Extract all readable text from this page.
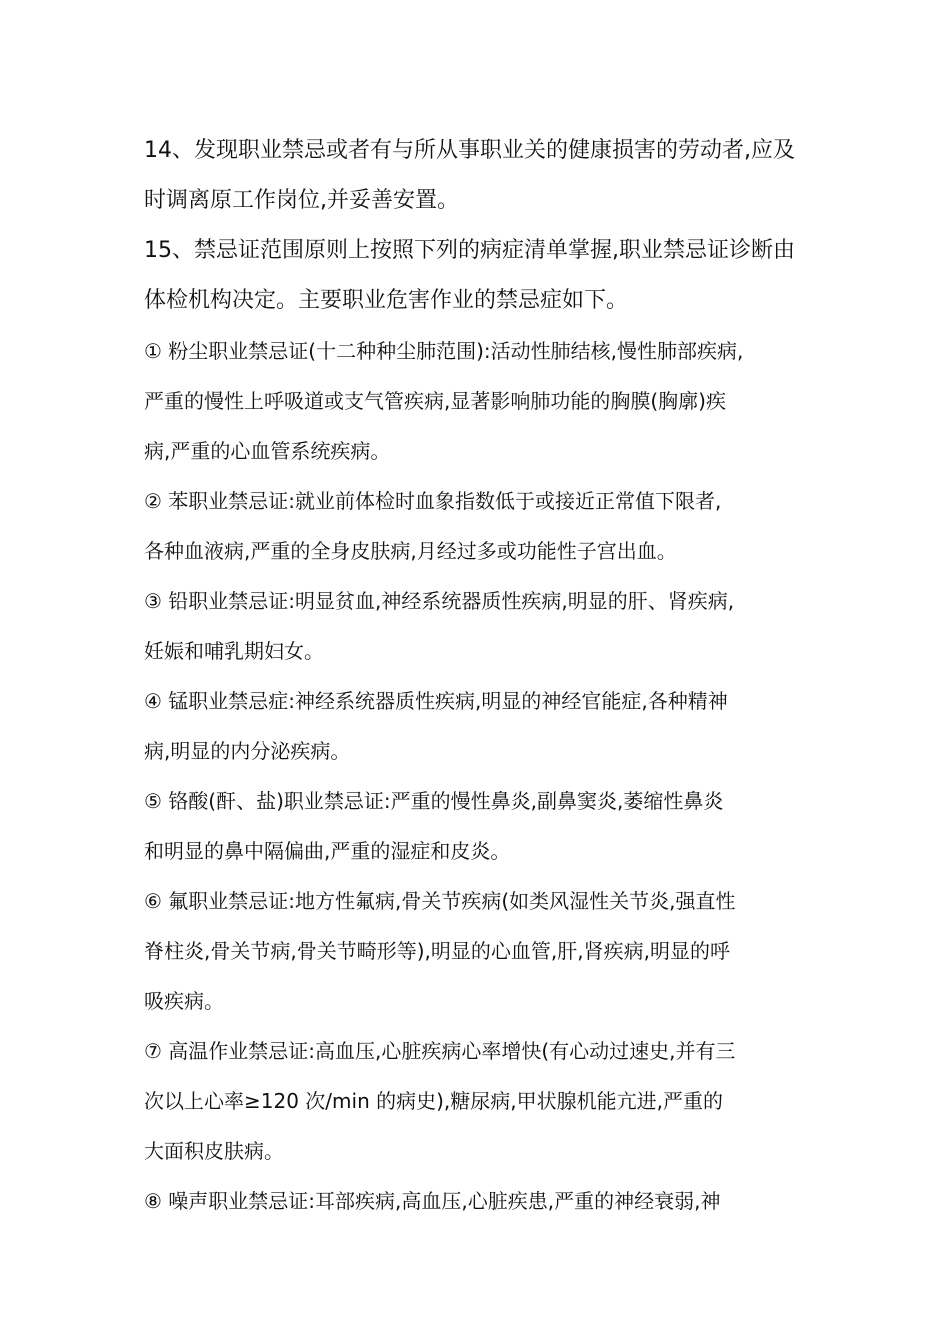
14、发现职业禁忌或者有与所从事职业关的健康损害的劳动者,应及
时调离原工作岗位,并妥善安置。
15、禁忌证范围原则上按照下列的病症清单掌握,职业禁忌证诊断由
体检机构决定。主要职业危害作业的禁忌症如下。
① 粉尘职业禁忌证(十二种种尘肺范围):活动性肺结核,慢性肺部疾病,
严重的慢性上呼吸道或支气管疾病,显著影响肺功能的胸膜(胸廓)疾
病,严重的心血管系统疾病。
② 苯职业禁忌证:就业前体检时血象指数低于或接近正常值下限者,
各种血液病,严重的全身皮肤病,月经过多或功能性子宫出血。
③ 铅职业禁忌证:明显贫血,神经系统器质性疾病,明显的肝、肾疾病,
妊娠和哺乳期妇女。
④ 锰职业禁忌症:神经系统器质性疾病,明显的神经官能症,各种精神
病,明显的内分泌疾病。
⑤ 铬酸(酐、盐)职业禁忌证:严重的慢性鼻炎,副鼻窦炎,萎缩性鼻炎
和明显的鼻中隔偏曲,严重的湿症和皮炎。
⑥ 氟职业禁忌证:地方性氟病,骨关节疾病(如类风湿性关节炎,强直性
脊柱炎,骨关节病,骨关节畸形等),明显的心血管,肝,肾疾病,明显的呼
吸疾病。
⑦ 高温作业禁忌证:高血压,心脏疾病心率增快(有心动过速史,并有三
次以上心率≥120 次/min 的病史),糖尿病,甲状腺机能亢进,严重的
大面积皮肤病。
⑧ 噪声职业禁忌证:耳部疾病,高血压,心脏疾患,严重的神经衰弱,神
